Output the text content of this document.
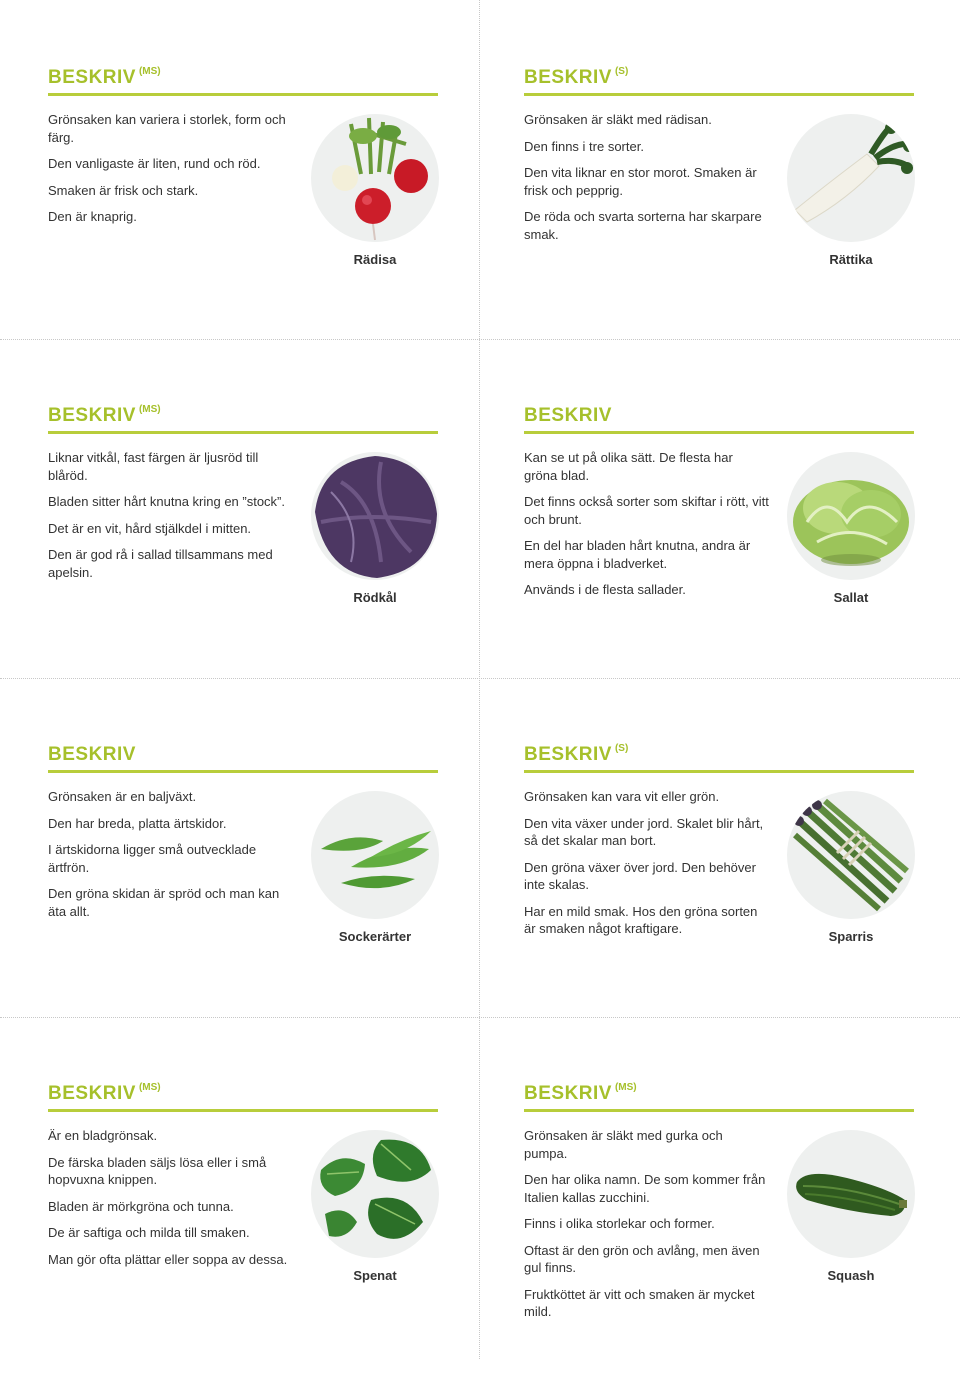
BESKRIV $^{(MS)}$

Grönsaken kan variera i storlek, form och färg.

Den vanligaste är liten, rund och röd.

Smaken är frisk och stark.

Den är knaprig.

Rädisa
BESKRIV $^{(S)}$

Grönsaken är släkt med rädisan.

Den finns i tre sorter.

Den vita liknar en stor morot. Smaken är frisk och pepprig.

De röda och svarta sorterna har skarpare smak.

Rättika
BESKRIV $^{(MS)}$

Liknar vitkål, fast färgen är ljusröd till blåröd.

Bladen sitter hårt knutna kring en ”stock”.

Det är en vit, hård stjälkdel i mitten.

Den är god rå i sallad tillsammans med apelsin.

Rödkål
BESKRIV

Kan se ut på olika sätt. De flesta har gröna blad.

Det finns också sorter som skiftar i rött, vitt och brunt.

En del har bladen hårt knutna, andra är mera öppna i bladverket.

Används i de flesta sallader.

Sallat
BESKRIV

Grönsaken är en baljväxt.

Den har breda, platta ärtskidor.

I ärtskidorna ligger små outvecklade ärtfrön.

Den gröna skidan är spröd och man kan äta allt.

Sockerärter
BESKRIV $^{(S)}$

Grönsaken kan vara vit eller grön.

Den vita växer under jord. Skalet blir hårt, så det skalar man bort.

Den gröna växer över jord. Den behöver inte skalas.

Har en mild smak. Hos den gröna sorten är smaken något kraftigare.

Sparris
BESKRIV $^{(MS)}$

Är en bladgrönsak.

De färska bladen säljs lösa eller i små hopvuxna knippen.

Bladen är mörkgröna och tunna.

De är saftiga och milda till smaken.

Man gör ofta plättar eller soppa av dessa.

Spenat
BESKRIV $^{(MS)}$

Grönsaken är släkt med gurka och pumpa.

Den har olika namn. De som kommer från Italien kallas zucchini.

Finns i olika storlekar och former.

Oftast är den grön och avlång, men även gul finns.

Fruktköttet är vitt och smaken är mycket mild.

Squash
